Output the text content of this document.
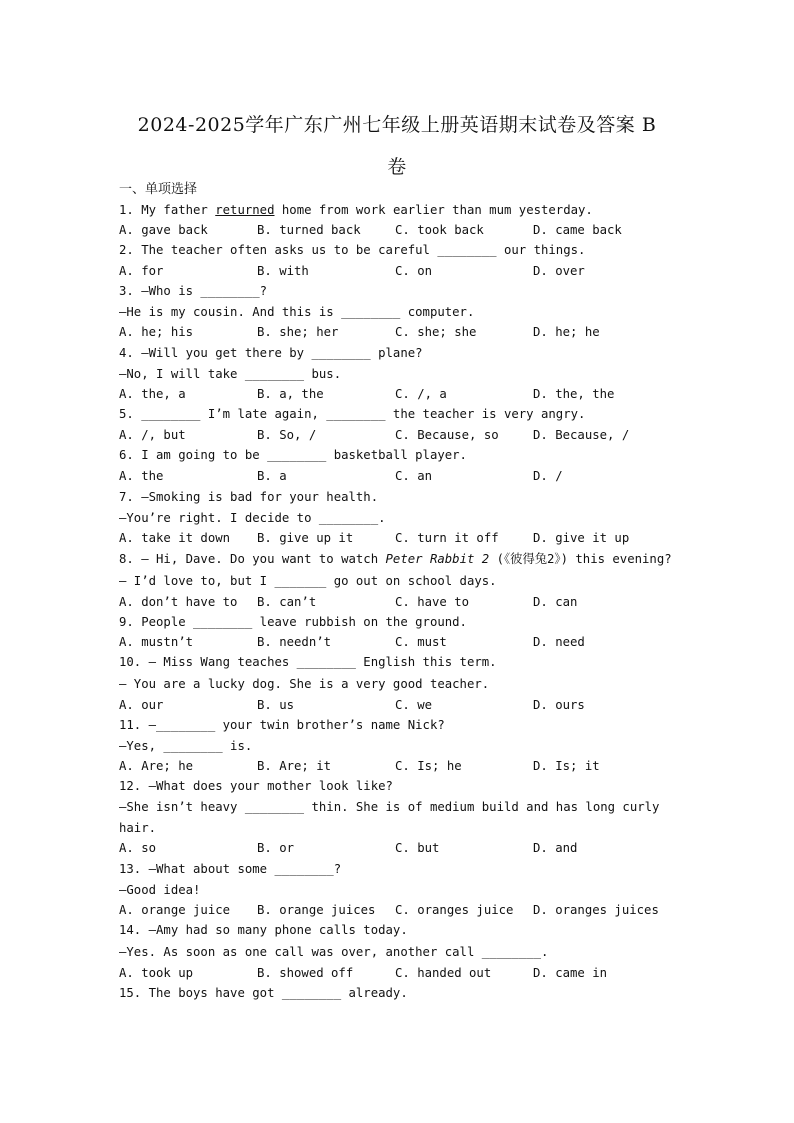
2024-2025学年广东广州七年级上册英语期末试卷及答案 B
卷
一、单项选择
1. My father returned home from work earlier than mum yesterday.
A. gave back	B. turned back	C. took back	D. came back
2. The teacher often asks us to be careful ________ our things.
A. for	B. with	C. on	D. over
3. —Who is ________?
—He is my cousin. And this is ________ computer.
A. he; his	B. she; her	C. she; she	D. he; he
4. —Will you get there by ________ plane?
—No, I will take ________ bus.
A. the, a	B. a, the	C. /, a	D. the, the
5. ________ I’m late again, ________ the teacher is very angry.
A. /, but	B. So, /	C. Because, so	D. Because, /
6. I am going to be ________ basketball player.
A. the	B. a	C. an	D. /
7. —Smoking is bad for your health.
—You’re right. I decide to ________.
A. take it down	B. give up it	C. turn it off	D. give it up
8. — Hi, Dave. Do you want to watch Peter Rabbit 2 (《彼得兔2》) this evening?
— I’d love to, but I _______ go out on school days.
A. don’t have to	B. can’t	C. have to	D. can
9. People ________ leave rubbish on the ground.
A. mustn’t	B. needn’t	C. must	D. need
10. — Miss Wang teaches ________ English this term.
— You are a lucky dog. She is a very good teacher.
A. our	B. us	C. we	D. ours
11. —________ your twin brother’s name Nick?
—Yes, ________ is.
A. Are; he	B. Are; it	C. Is; he	D. Is; it
12. —What does your mother look like?
—She isn’t heavy ________ thin. She is of medium build and has long curly
hair.
A. so	B. or	C. but	D. and
13. —What about some ________?
—Good idea!
A. orange juice	B. orange juices	C. oranges juice	D. oranges juices
14. —Amy had so many phone calls today.
—Yes. As soon as one call was over, another call ________.
A. took up	B. showed off	C. handed out	D. came in
15. The boys have got ________ already.
